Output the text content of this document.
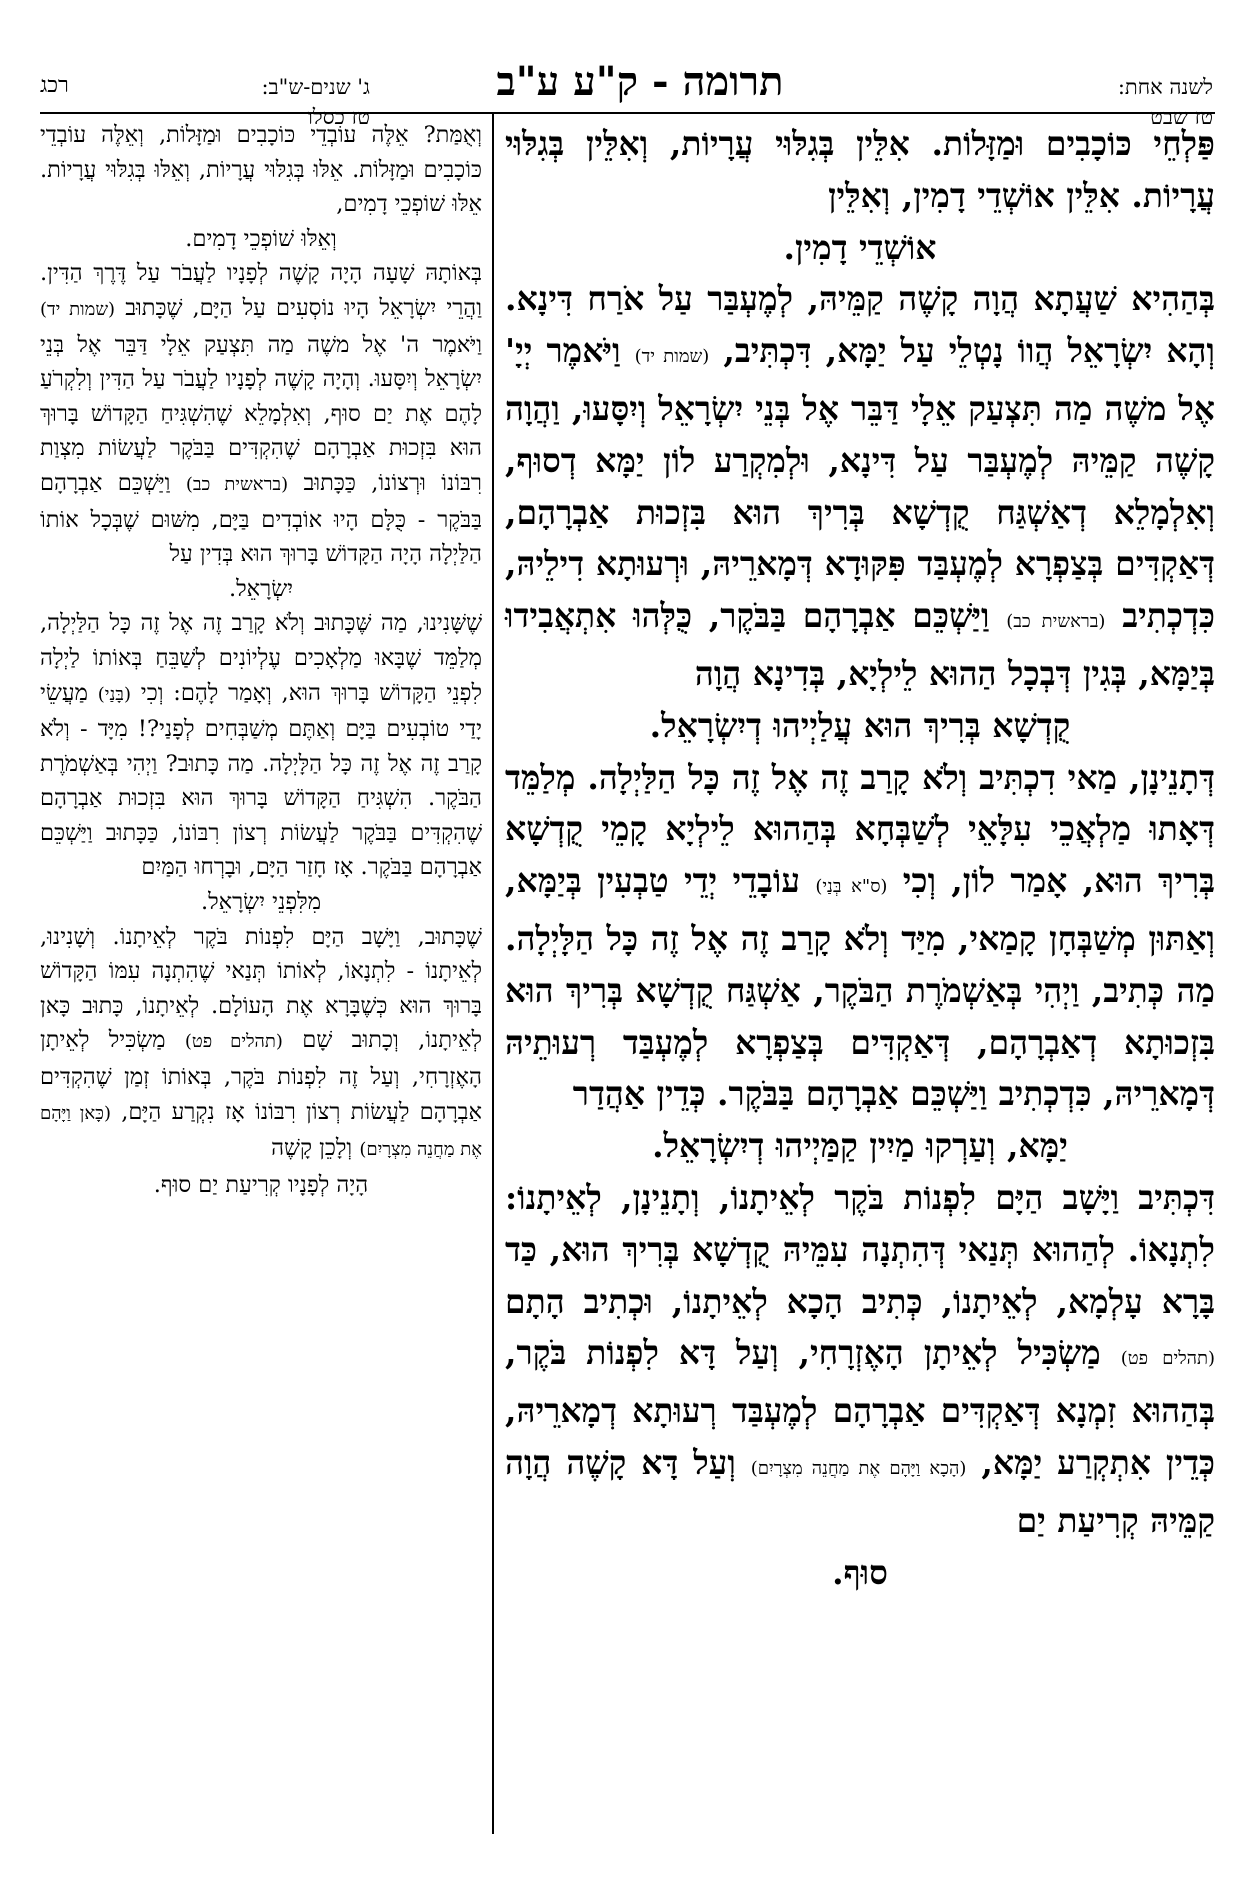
לשנה אחת:
טז שבט
תרומה - ק"ע ע"ב
ג' שנים-ש"ב:
טז כסלו
רכג

פַּלְחֵי כּוֹכָבִים וּמַזָּלוֹת. אִלֵּין בְּגִלּוּי עֲרָיוֹת, וְאִלֵּין בְּגִלּוּי עֲרָיוֹת. אִלֵּין אוֹשְׁדֵי דָמִין, וְאִלֵּין

אוֹשְׁדֵי דָמִין.

בְּהַהִיא שַׁעֲתָא הֲוָה קָשֶׁה קַמֵּיהּ, לְמֶעְבַּר עַל אֹרַח דִּינָא. וְהָא יִשְׂרָאֵל הֲווֹ נָטְלֵי עַל יַמָּא, דִּכְתִּיב, (שמות יד) וַיֹּאמֶר יְיָ' אֶל משֶׁה מַה תִּצְעַק אֵלָי דַּבֵּר אֶל בְּנֵי יִשְׂרָאֵל וְיִסָּעוּ, וַהֲוָה קָשֶׁה קַמֵּיהּ לְמֶעְבַּר עַל דִּינָא, וּלְמִקְרַע לוֹן יַמָּא דְסוּף, וְאִלְמָלֵא דְאַשְׁגַּח קֻדְשָׁא בְּרִיךְ הוּא בִּזְכוּת אַבְרָהָם, דְּאַקְדִּים בְּצַפְרָא לְמֶעְבַּד פִּקּוּדָא דְּמָארֵיהּ, וּרְעוּתָא דִילֵיהּ, כִּדְכְתִיב (בראשית כב) וַיַּשְׁכֵּם אַבְרָהָם בַּבֹּקֶר, כֻּלְּהוּ אִתְאֲבִידוּ בְּיַמָּא, בְּגִין דְּבְכָל הַהוּא לֵילְיָא, בְּדִינָא הֲוָה

קֻדְשָׁא בְּרִיךְ הוּא עֲלַיְיהוּ דְיִשְׂרָאֵל.

דְּתָנֵינָן, מַאי דִכְתִּיב וְלֹא קָרַב זֶה אֶל זֶה כָּל הַלַּיְלָה. מְלַמֵּד דְּאָתוּ מַלְאֲכֵי עִלָּאֵי לְשַׁבְּחָא בְּהַהוּא לֵילְיָא קָמֵי קֻדְשָׁא בְּרִיךְ הוּא, אָמַר לוֹן, וְכִי (ס"א בְּנַי) עוֹבָדֵי יְדֵי טַבְעִין בְּיַמָּא, וְאַתּוּן מְשַׁבְּחָן קָמַאי, מִיַּד וְלֹא קָרַב זֶה אֶל זֶה כָּל הַלָּיְלָה. מַה כְּתִיב, וַיְהִי בְּאַשְׁמֹרֶת הַבֹּקֶר, אַשְׁגַּח קֻדְשָׁא בְּרִיךְ הוּא בִּזְכוּתָא דְאַבְרָהָם, דְּאַקְדִּים בְּצַפְרָא לְמֶעְבַּד רְעוּתֵיהּ דְּמָארֵיהּ, כִּדְכְתִיב וַיַּשְׁכֵּם אַבְרָהָם בַּבֹּקֶר. כְּדֵין אַהֲדַר

יַמָּא, וְעַרְקוּ מַיִין קַמַּיְיהוּ דְיִשְׂרָאֵל.

דִּכְתִּיב וַיָּשָׁב הַיָּם לִפְנוֹת בֹּקֶר לְאֵיתָנוֹ, וְתָנֵינָן, לְאֵיתָנוֹ: לִתְנָאוֹ. לְהַהוּא תְּנַאי דְּהִתְנָה עִמֵּיהּ קֻדְשָׁא בְּרִיךְ הוּא, כַּד בָּרָא עָלְמָא, לְאֵיתָנוֹ, כְּתִיב הָכָא לְאֵיתָנוֹ, וּכְתִיב הָתָם (תהלים פט) מַשְׂכִּיל לְאֵיתָן הָאֶזְרָחִי, וְעַל דָּא לִפְנוֹת בֹּקֶר, בְּהַהוּא זִמְנָא דְּאַקְדִּים אַבְרָהָם לְמֶעְבַּד רְעוּתָא דְמָארֵיהּ, כְּדֵין אִתְקְרַע יַמָּא, (הָכָא וַיָּהָם אֶת מַחֲנֵה מִצְרָיִם) וְעַל דָּא קָשֶׁה הֲוָה קַמֵּיהּ קְרִיעַת יַם

סוּף.

וְאֻמַּת? אֵלֶּה עוֹבְדֵי כּוֹכָבִים וּמַזָּלוֹת, וְאֵלֶּה עוֹבְדֵי כּוֹכָבִים וּמַזָּלוֹת. אֵלּוּ בְּגִלּוּי עֲרָיוֹת, וְאֵלּוּ בְּגִלּוּי עֲרָיוֹת. אֵלּוּ שׁוֹפְכֵי דָמִים,

וְאֵלּוּ שׁוֹפְכֵי דָמִים.

בְּאוֹתָהּ שָׁעָה הָיָה קָשֶׁה לְפָנָיו לַעֲבֹר עַל דֶּרֶךְ הַדִּין. וַהֲרֵי יִשְׂרָאֵל הָיוּ נוֹסְעִים עַל הַיָּם, שֶׁכָּתוּב (שמות יד) וַיֹּאמֶר ה' אֶל משֶׁה מַה תִּצְעַק אֵלָי דַּבֵּר אֶל בְּנֵי יִשְׂרָאֵל וְיִסָּעוּ. וְהָיָה קָשֶׁה לְפָנָיו לַעֲבֹר עַל הַדִּין וְלִקְרֹעַ לָהֶם אֶת יַם סוּף, וְאִלְמָלֵא שֶׁהִשְׁגִּיחַ הַקָּדוֹשׁ בָּרוּךְ הוּא בִּזְכוּת אַבְרָהָם שֶׁהִקְדִּים בַּבֹּקֶר לַעֲשׂוֹת מִצְוַת רִבּוֹנוֹ וּרְצוֹנוֹ, כַּכָּתוּב (בראשית כב) וַיַּשְׁכֵּם אַבְרָהָם בַּבֹּקֶר - כֻּלָּם הָיוּ אוֹבְדִים בַּיָּם, מִשּׁוּם שֶׁבְּכָל אוֹתוֹ הַלַּיְלָה הָיָה הַקָּדוֹשׁ בָּרוּךְ הוּא בְּדִין עַל

יִשְׂרָאֵל.

שֶׁשָּׁנִינוּ, מַה שֶּׁכָּתוּב וְלֹא קָרַב זֶה אֶל זֶה כָּל הַלַּיְלָה, מְלַמֵּד שֶׁבָּאוּ מַלְאָכִים עֶלְיוֹנִים לְשַׁבֵּחַ בְּאוֹתוֹ לַיְלָה לִפְנֵי הַקָּדוֹשׁ בָּרוּךְ הוּא, וְאָמַר לָהֶם: וְכִי (בָּנַי) מַעֲשֵׂי יָדַי טוֹבְעִים בַּיָּם וְאַתֶּם מְשַׁבְּחִים לְפָנַי?! מִיָּד - וְלֹא קָרַב זֶה אֶל זֶה כָּל הַלָּיְלָה. מַה כָּתוּב? וַיְהִי בְּאַשְׁמֹרֶת הַבֹּקֶר. הִשְׁגִּיחַ הַקָּדוֹשׁ בָּרוּךְ הוּא בִּזְכוּת אַבְרָהָם שֶׁהִקְדִּים בַּבֹּקֶר לַעֲשׂוֹת רְצוֹן רִבּוֹנוֹ, כַּכָּתוּב וַיַּשְׁכֵּם אַבְרָהָם בַּבֹּקֶר. אָז חָזַר הַיָּם, וּבָרְחוּ הַמַּיִם

מִלִּפְנֵי יִשְׂרָאֵל.

שֶׁכָּתוּב, וַיָּשָׁב הַיָּם לִפְנוֹת בֹּקֶר לְאֵיתָנוֹ. וְשָׁנִינוּ, לְאֵיתָנוֹ - לִתְנָאוֹ, לְאוֹתוֹ תְּנַאי שֶׁהִתְנָה עִמּוֹ הַקָּדוֹשׁ בָּרוּךְ הוּא כְּשֶׁבָּרָא אֶת הָעוֹלָם. לְאֵיתָנוֹ, כָּתוּב כָּאן לְאֵיתָנוֹ, וְכָתוּב שָׁם (תהלים פט) מַשְׂכִּיל לְאֵיתָן הָאֶזְרָחִי, וְעַל זֶה לִפְנוֹת בֹּקֶר, בְּאוֹתוֹ זְמַן שֶׁהִקְדִּים אַבְרָהָם לַעֲשׂוֹת רְצוֹן רִבּוֹנוֹ אָז נִקְרַע הַיָּם, (כָּאן וַיָּהָם אֶת מַחֲנֵה מִצְרָיִם) וְלָכֵן קָשֶׁה

הָיָה לְפָנָיו קְרִיעַת יַם סוּף.
